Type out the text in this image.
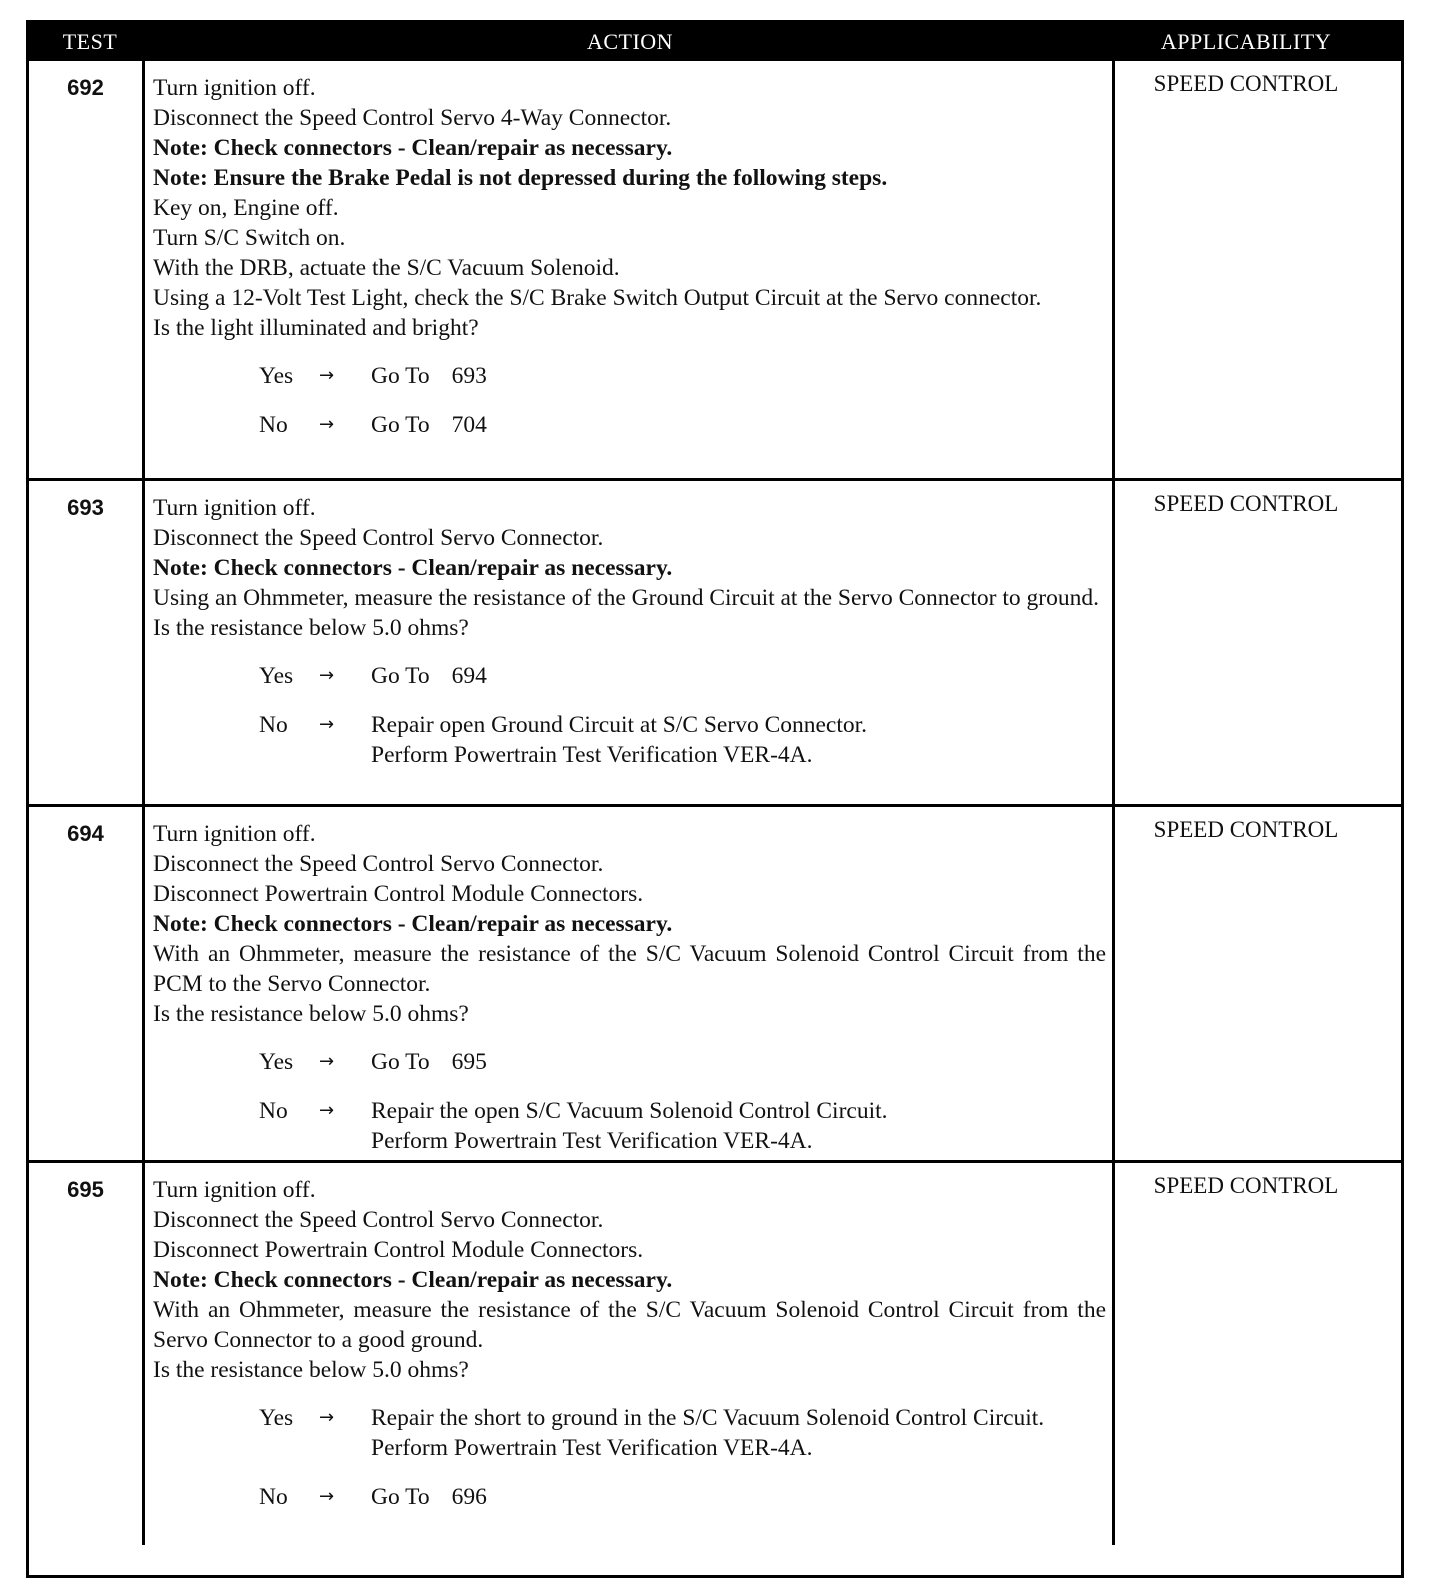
TEST	ACTION	APPLICABILITY
692	Turn ignition off.
Disconnect the Speed Control Servo 4-Way Connector.
Note: Check connectors - Clean/repair as necessary.
Note: Ensure the Brake Pedal is not depressed during the following steps.
Key on, Engine off.
Turn S/C Switch on.
With the DRB, actuate the S/C Vacuum Solenoid.
Using a 12-Volt Test Light, check the S/C Brake Switch Output Circuit at the Servo connector.
Is the light illuminated and bright?
Yes	→	Go To 693
No	→	Go To 704
SPEED CONTROL
693	Turn ignition off.
Disconnect the Speed Control Servo Connector.
Note: Check connectors - Clean/repair as necessary.
Using an Ohmmeter, measure the resistance of the Ground Circuit at the Servo Connector to ground.
Is the resistance below 5.0 ohms?
Yes	→	Go To 694
No	→	Repair open Ground Circuit at S/C Servo Connector.
Perform Powertrain Test Verification VER-4A.
SPEED CONTROL
694	Turn ignition off.
Disconnect the Speed Control Servo Connector.
Disconnect Powertrain Control Module Connectors.
Note: Check connectors - Clean/repair as necessary.
With an Ohmmeter, measure the resistance of the S/C Vacuum Solenoid Control Circuit from the PCM to the Servo Connector.
Is the resistance below 5.0 ohms?
Yes	→	Go To 695
No	→	Repair the open S/C Vacuum Solenoid Control Circuit.
Perform Powertrain Test Verification VER-4A.
SPEED CONTROL
695	Turn ignition off.
Disconnect the Speed Control Servo Connector.
Disconnect Powertrain Control Module Connectors.
Note: Check connectors - Clean/repair as necessary.
With an Ohmmeter, measure the resistance of the S/C Vacuum Solenoid Control Circuit from the Servo Connector to a good ground.
Is the resistance below 5.0 ohms?
Yes	→	Repair the short to ground in the S/C Vacuum Solenoid Control Circuit.
Perform Powertrain Test Verification VER-4A.
No	→	Go To 696
SPEED CONTROL
